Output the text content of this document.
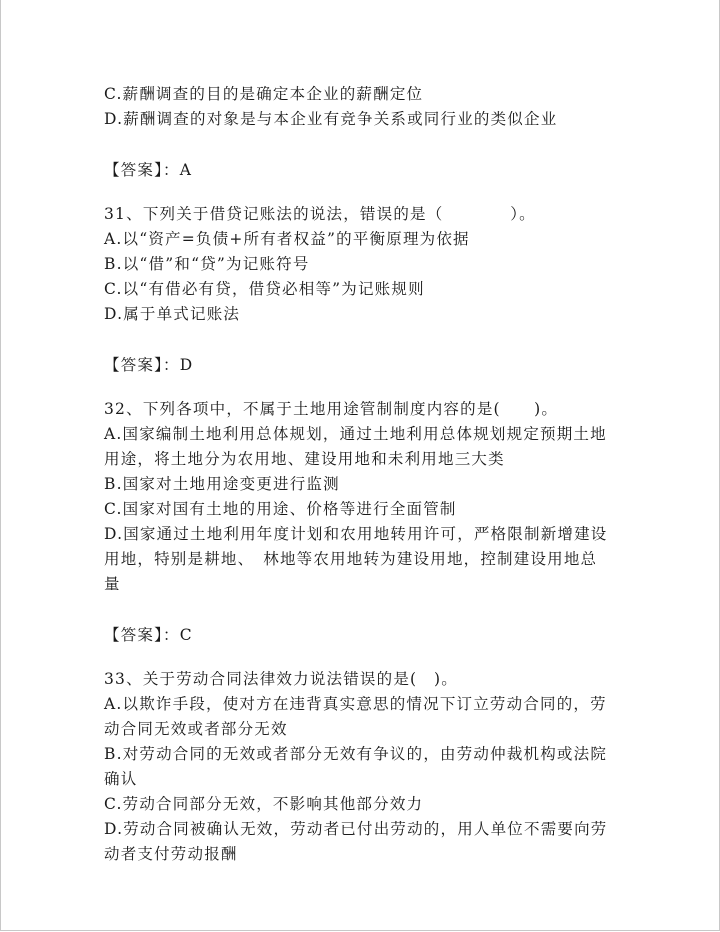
C.薪酬调查的目的是确定本企业的薪酬定位
D.薪酬调查的对象是与本企业有竞争关系或同行业的类似企业
【答案】：A
31、下列关于借贷记账法的说法，错误的是（　　　　）。
A.以“资产=负债+所有者权益”的平衡原理为依据
B.以“借”和“贷”为记账符号
C.以“有借必有贷，借贷必相等”为记账规则
D.属于单式记账法
【答案】：D
32、下列各项中，不属于土地用途管制制度内容的是(　　)。
A.国家编制土地利用总体规划，通过土地利用总体规划规定预期土地
用途，将土地分为农用地、建设用地和未利用地三大类
B.国家对土地用途变更进行监测
C.国家对国有土地的用途、价格等进行全面管制
D.国家通过土地利用年度计划和农用地转用许可，严格限制新增建设
用地，特别是耕地、　林地等农用地转为建设用地，控制建设用地总
量
【答案】：C
33、关于劳动合同法律效力说法错误的是(　)。
A.以欺诈手段，使对方在违背真实意思的情况下订立劳动合同的，劳
动合同无效或者部分无效
B.对劳动合同的无效或者部分无效有争议的，由劳动仲裁机构或法院
确认
C.劳动合同部分无效，不影响其他部分效力
D.劳动合同被确认无效，劳动者已付出劳动的，用人单位不需要向劳
动者支付劳动报酬
